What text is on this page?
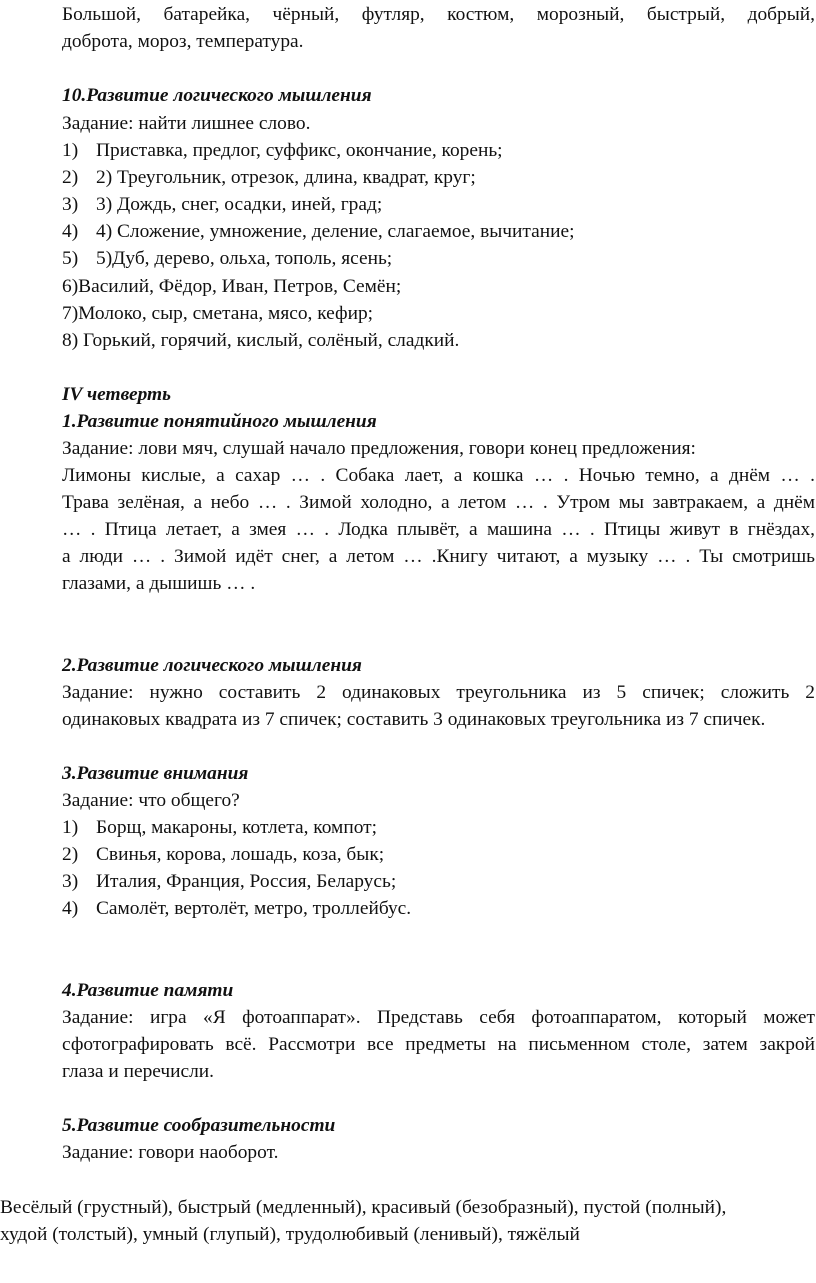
Большой, батарейка, чёрный, футляр, костюм, морозный, быстрый, добрый,
доброта, мороз, температура.
10.Развитие логического мышления
Задание: найти лишнее слово.
1) Приставка, предлог, суффикс, окончание, корень;
2) 2) Треугольник, отрезок, длина, квадрат, круг;
3) 3) Дождь, снег, осадки, иней, град;
4) 4) Сложение, умножение, деление, слагаемое, вычитание;
5) 5)Дуб, дерево, ольха, тополь, ясень;
6)Василий, Фёдор, Иван, Петров, Семён;
7)Молоко, сыр, сметана, мясо, кефир;
8) Горький, горячий, кислый, солёный, сладкий.
IV четверть
1.Развитие понятийного мышления
Задание: лови мяч, слушай начало предложения, говори конец предложения:
Лимоны кислые, а сахар … . Собака лает, а кошка … . Ночью темно, а днём … .
Трава зелёная, а небо … . Зимой холодно, а летом … . Утром мы завтракаем, а днём
… . Птица летает, а змея … . Лодка плывёт, а машина … . Птицы живут в гнёздах,
а люди … . Зимой идёт снег, а летом … .Книгу читают, а музыку … . Ты смотришь
глазами, а дышишь … .
2.Развитие логического мышления
Задание: нужно составить 2 одинаковых треугольника из 5 спичек; сложить 2
одинаковых квадрата из 7 спичек; составить 3 одинаковых треугольника из 7 спичек.
3.Развитие внимания
Задание: что общего?
1) Борщ, макароны, котлета, компот;
2) Свинья, корова, лошадь, коза, бык;
3) Италия, Франция, Россия, Беларусь;
4) Самолёт, вертолёт, метро, троллейбус.
4.Развитие памяти
Задание: игра «Я фотоаппарат». Представь себя фотоаппаратом, который может
сфотографировать всё. Рассмотри все предметы на письменном столе, затем закрой
глаза и перечисли.
5.Развитие сообразительности
Задание: говори наоборот.
Весёлый (грустный), быстрый (медленный), красивый (безобразный), пустой (полный),
худой (толстый), умный (глупый), трудолюбивый (ленивый), тяжёлый
